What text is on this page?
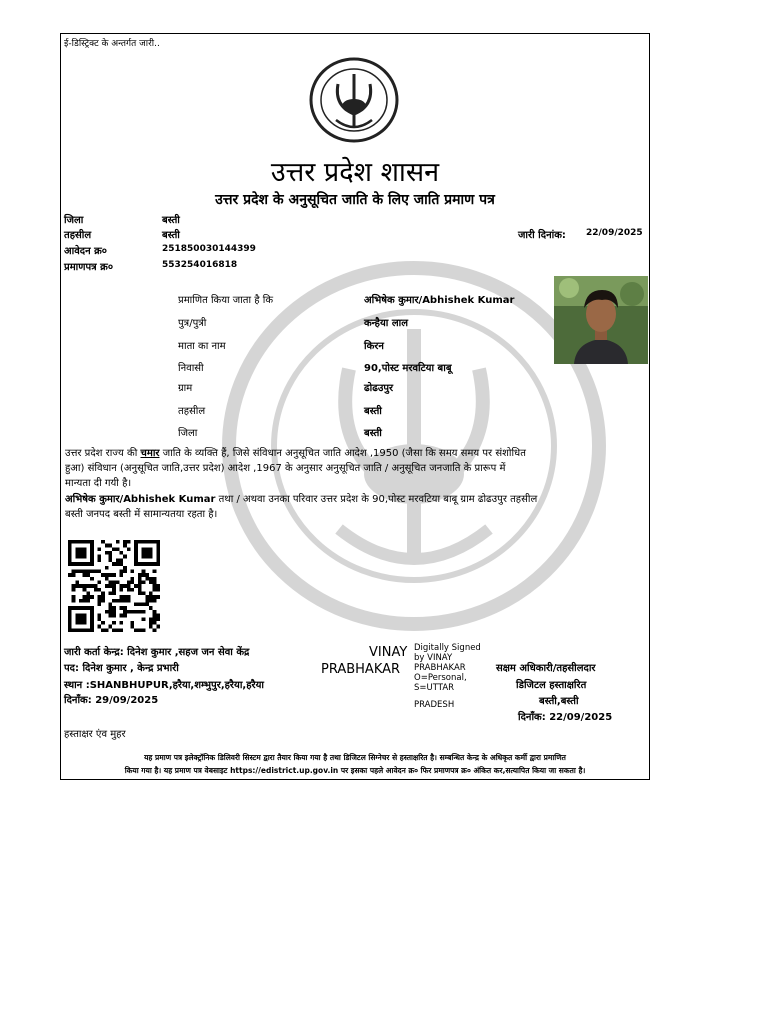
ई-डिस्ट्रिक्ट के अन्तर्गत जारी..
उत्तर प्रदेश शासन
उत्तर प्रदेश के अनुसूचित जाति के लिए जाति प्रमाण पत्र
जिला	बस्ती
तहसील	बस्ती
आवेदन क्र०	251850030144399
प्रमाणपत्र क्र०	553254016818
जारी दिनांक: 22/09/2025
प्रमाणित किया जाता है कि	अभिषेक कुमार/Abhishek Kumar
पुत्र/पुत्री	कन्हैया लाल
माता का नाम	किरन
निवासी	90,पोस्ट मरवटिया बाबू
ग्राम	ढोढउपुर
तहसील	बस्ती
जिला	बस्ती
उत्तर प्रदेश राज्य की चमार जाति के व्यक्ति हैं, जिसे संविधान अनुसूचित जाति आदेश ,1950 (जैसा कि समय समय पर संशोधित
हुआ) संविधान (अनुसूचित जाति,उत्तर प्रदेश) आदेश ,1967 के अनुसार अनुसूचित जाति / अनुसूचित जनजाति के प्रारूप में
मान्यता दी गयी है।
अभिषेक कुमार/Abhishek Kumar तथा / अथवा उनका परिवार उत्तर प्रदेश के 90,पोस्ट मरवटिया बाबू ग्राम ढोढउपुर तहसील
बस्ती जनपद बस्ती में सामान्यतया रहता है।
जारी कर्ता केन्द्र: दिनेश कुमार ,सहज जन सेवा केंद्र
पद: दिनेश कुमार , केन्द्र प्रभारी
स्थान :SHANBHUPUR,हरैया,शम्भुपुर,हरैया,हरैया
दिनाँक: 29/09/2025
हस्ताक्षर एंव मुहर
VINAY
PRABHAKAR
Digitally Signed
by VINAY
PRABHAKAR
O=Personal,
S=UTTAR
PRADESH
सक्षम अधिकारी/तहसीलदार
डिजिटल हस्ताक्षरित
बस्ती,बस्ती
दिनाँक: 22/09/2025
यह प्रमाण पत्र इलेक्ट्रॉनिक डिलिवरी सिस्टम द्वारा तैयार किया गया है तथा डिजिटल सिग्नेचर से हस्ताक्षरित है। सम्बन्धित केन्द्र के अधिकृत कर्मी द्वारा प्रमाणित
किया गया है। यह प्रमाण पत्र वेबसाइट https://edistrict.up.gov.in पर इसका पहले आवेदन क्र० फिर प्रमाणपत्र क्र० अंकित कर,सत्यापित किया जा सकता है।
